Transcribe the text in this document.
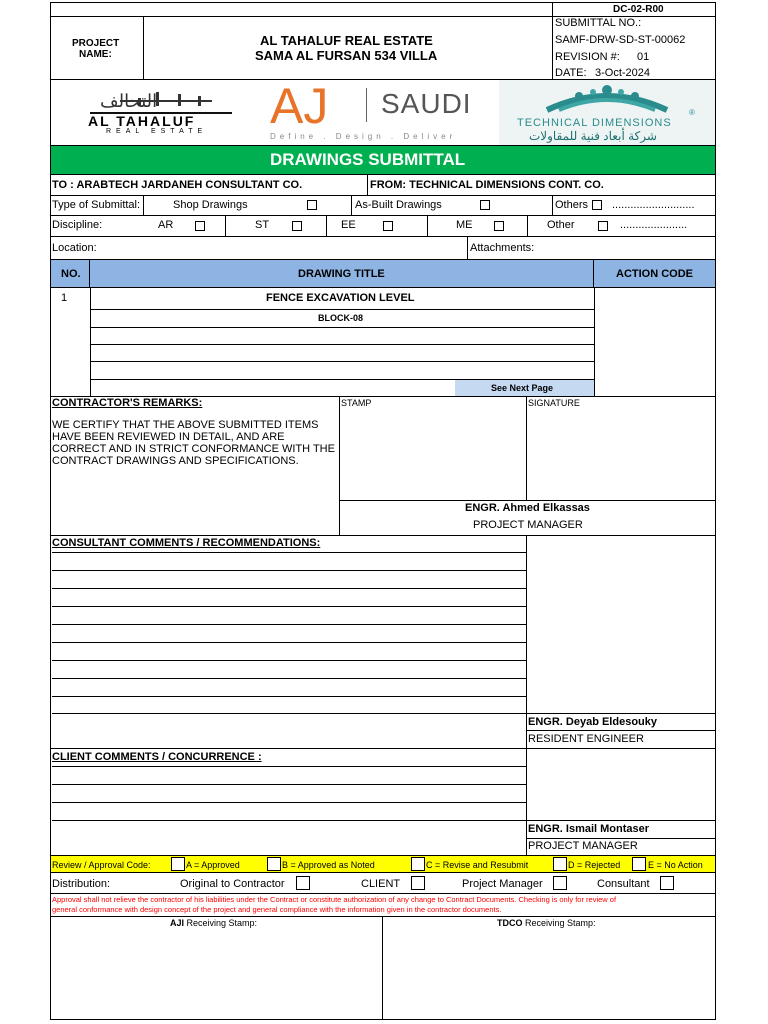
DC-02-R00
PROJECT
NAME:
AL TAHALUF REAL ESTATE
SAMA AL FURSAN 534 VILLA
SUBMITTAL NO.:
SAMF-DRW-SD-ST-00062
REVISION #: 01
DATE: 3-Oct-2024
التحالف
AL TAHALUF
REAL ESTATE AJ SAUDI
Define . Design . Deliver
TECHNICAL DIMENSIONS
®
شركة أبعاد فنية للمقاولات
DRAWINGS SUBMITTAL
TO : ARABTECH JARDANEH CONSULTANT CO.	FROM: TECHNICAL DIMENSIONS CONT. CO.
Type of Submittal:	Shop Drawings	As-Built Drawings	Others ...........................
Discipline:	AR	ST	EE	ME	Other	......................
Location:	Attachments:
NO.	DRAWING TITLE	ACTION CODE
1	FENCE EXCAVATION LEVEL
BLOCK-08
See Next Page
CONTRACTOR'S REMARKS:	STAMP	SIGNATURE
WE CERTIFY THAT THE ABOVE SUBMITTED ITEMS
HAVE BEEN REVIEWED IN DETAIL, AND ARE
CORRECT AND IN STRICT CONFORMANCE WITH THE
CONTRACT DRAWINGS AND SPECIFICATIONS.
ENGR. Ahmed Elkassas
PROJECT MANAGER
CONSULTANT COMMENTS / RECOMMENDATIONS:
ENGR. Deyab Eldesouky
RESIDENT ENGINEER
CLIENT COMMENTS / CONCURRENCE :
ENGR. Ismail Montaser
PROJECT MANAGER
Review / Approval Code:	A = Approved	B = Approved as Noted	C = Revise and Resubmit	D = Rejected	E = No Action
Distribution:	Original to Contractor	CLIENT	Project Manager	Consultant
Approval shall not relieve the contractor of his liabilities under the Contract or constitute authorization of any change to Contract Documents. Checking is only for review of
general conformance with design concept of the project and general compliance with the information given in the contractor documents.
AJI Receiving Stamp:	TDCO Receiving Stamp:
